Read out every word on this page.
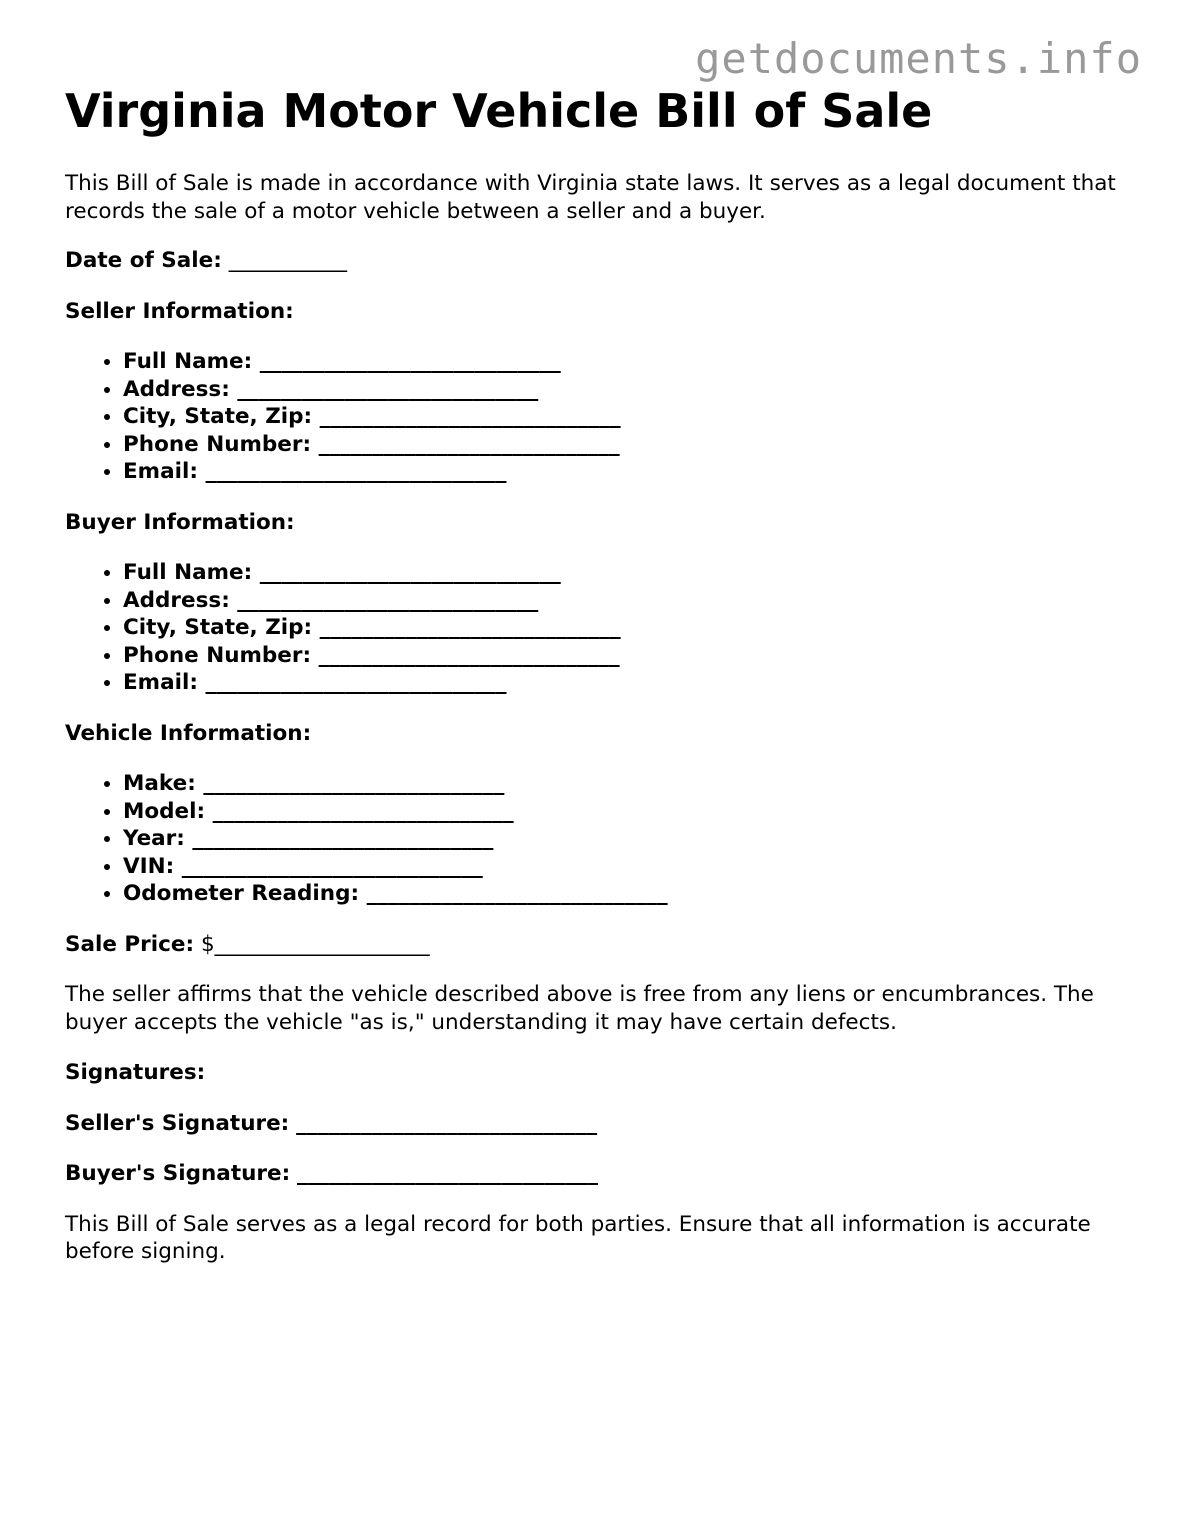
getdocuments.info
Virginia Motor Vehicle Bill of Sale

This Bill of Sale is made in accordance with Virginia state laws. It serves as a legal document that records the sale of a motor vehicle between a seller and a buyer.

Date of Sale: ___________
Seller Information:
• Full Name: ____________________________
• Address: ____________________________
• City, State, Zip: ____________________________
• Phone Number: ____________________________
• Email: ____________________________
Buyer Information:
• Full Name: ____________________________
• Address: ____________________________
• City, State, Zip: ____________________________
• Phone Number: ____________________________
• Email: ____________________________
Vehicle Information:
• Make: ____________________________
• Model: ____________________________
• Year: ____________________________
• VIN: ____________________________
• Odometer Reading: ____________________________
Sale Price: $____________________

The seller affirms that the vehicle described above is free from any liens or encumbrances. The buyer accepts the vehicle "as is," understanding it may have certain defects.

Signatures:
Seller's Signature: ____________________________
Buyer's Signature: ____________________________

This Bill of Sale serves as a legal record for both parties. Ensure that all information is accurate before signing.
